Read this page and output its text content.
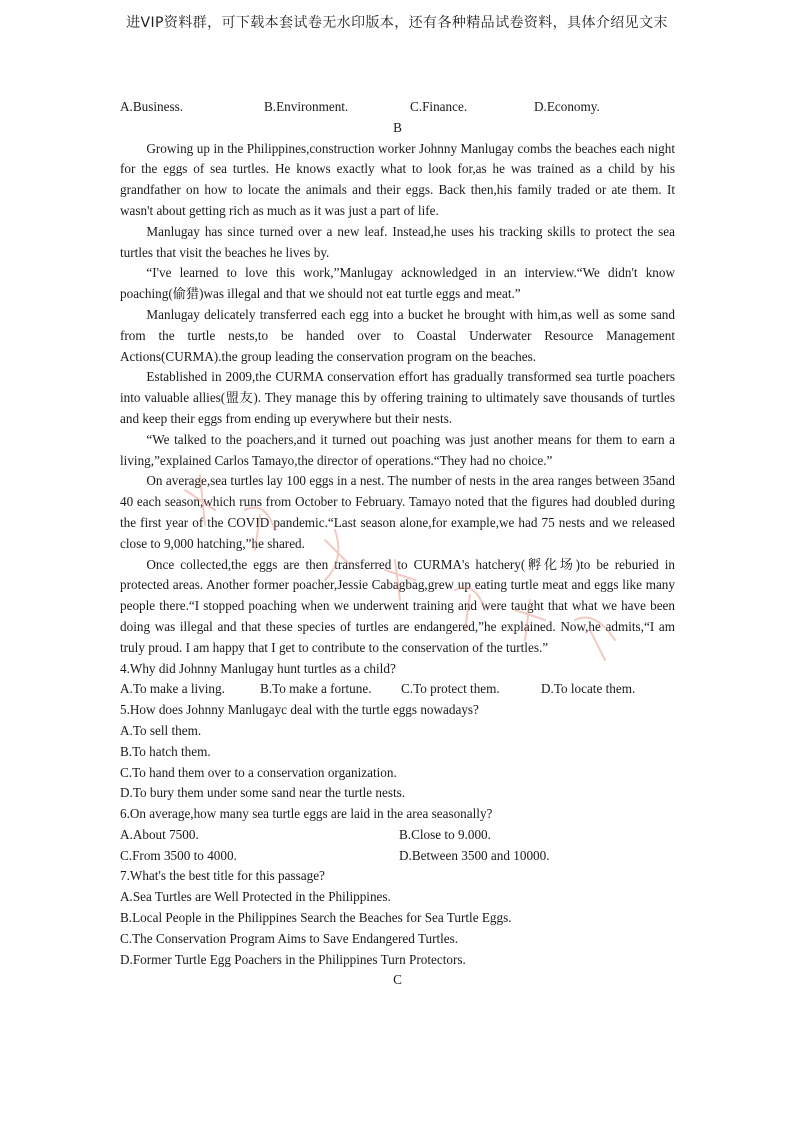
进VIP资料群，可下载本套试卷无水印版本，还有各种精品试卷资料，具体介绍见文末
A.Business.	B.Environment.	C.Finance.	D.Economy.
B

Growing up in the Philippines,construction worker Johnny Manlugay combs the beaches each night for the eggs of sea turtles. He knows exactly what to look for,as he was trained as a child by his grandfather on how to locate the animals and their eggs. Back then,his family traded or ate them. It wasn't about getting rich as much as it was just a part of life.

Manlugay has since turned over a new leaf. Instead,he uses his tracking skills to protect the sea turtles that visit the beaches he lives by.

“I've learned to love this work,”Manlugay acknowledged in an interview.“We didn't know poaching(偷猎)was illegal and that we should not eat turtle eggs and meat.”

Manlugay delicately transferred each egg into a bucket he brought with him,as well as some sand from the turtle nests,to be handed over to Coastal Underwater Resource Management Actions(CURMA).the group leading the conservation program on the beaches.

Established in 2009,the CURMA conservation effort has gradually transformed sea turtle poachers into valuable allies(盟友). They manage this by offering training to ultimately save thousands of turtles and keep their eggs from ending up everywhere but their nests.

“We talked to the poachers,and it turned out poaching was just another means for them to earn a living,”explained Carlos Tamayo,the director of operations.“They had no choice.”

On average,sea turtles lay 100 eggs in a nest. The number of nests in the area ranges between 35and 40 each season,which runs from October to February. Tamayo noted that the figures had doubled during the first year of the COVID pandemic.“Last season alone,for example,we had 75 nests and we released close to 9,000 hatching,”he shared.

Once collected,the eggs are then transferred to CURMA's hatchery(孵化场)to be reburied in protected areas. Another former poacher,Jessie Cabagbag,grew up eating turtle meat and eggs like many people there.“I stopped poaching when we underwent training and were taught that what we have been doing was illegal and that these species of turtles are endangered,”he explained. Now,he admits,“I am truly proud. I am happy that I get to contribute to the conservation of the turtles.”

4.Why did Johnny Manlugay hunt turtles as a child?

A.To make a living.	B.To make a fortune.	C.To protect them.	D.To locate them.

5.How does Johnny Manlugayc deal with the turtle eggs nowadays?

A.To sell them.

B.To hatch them.

C.To hand them over to a conservation organization.

D.To bury them under some sand near the turtle nests.

6.On average,how many sea turtle eggs are laid in the area seasonally?

A.About 7500.	B.Close to 9.000.
C.From 3500 to 4000.	D.Between 3500 and 10000.

7.What's the best title for this passage?

A.Sea Turtles are Well Protected in the Philippines.

B.Local People in the Philippines Search the Beaches for Sea Turtle Eggs.

C.The Conservation Program Aims to Save Endangered Turtles.

D.Former Turtle Egg Poachers in the Philippines Turn Protectors.

C
